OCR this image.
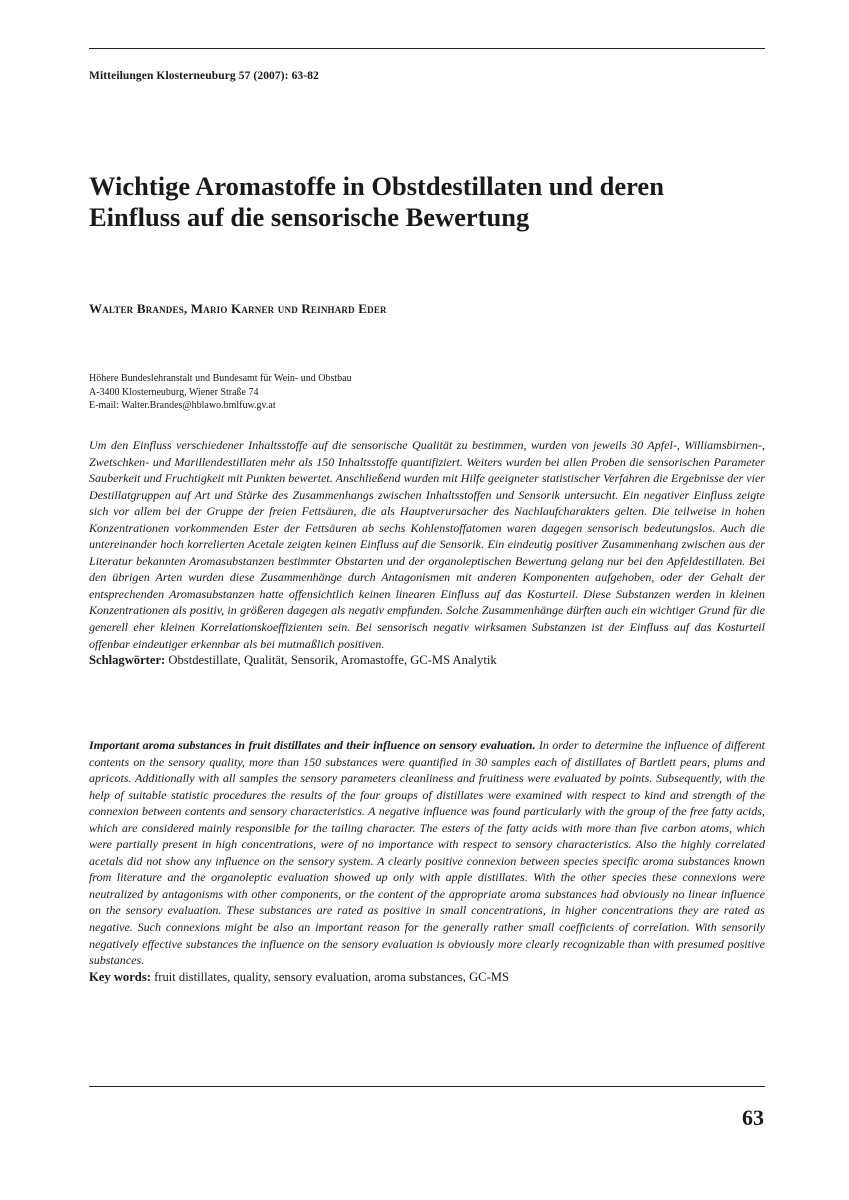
Mitteilungen Klosterneuburg 57 (2007): 63-82
Wichtige Aromastoffe in Obstdestillaten und deren
Einfluss auf die sensorische Bewertung
Walter Brandes, Mario Karner und Reinhard Eder
Höhere Bundeslehranstalt und Bundesamt für Wein- und Obstbau
A-3400 Klosterneuburg, Wiener Straße 74
E-mail: Walter.Brandes@hblawo.bmlfuw.gv.at

Um den Einfluss verschiedener Inhaltsstoffe auf die sensorische Qualität zu bestimmen, wurden von jeweils 30 Apfel-, Williamsbirnen-, Zwetschken- und Marillendestillaten mehr als 150 Inhaltsstoffe quantifiziert. Weiters wurden bei allen Proben die sensorischen Parameter Sauberkeit und Fruchtigkeit mit Punkten bewertet. Anschließend wurden mit Hilfe geeigneter statistischer Verfahren die Ergebnisse der vier Destillatgruppen auf Art und Stärke des Zusammenhangs zwischen Inhaltsstoffen und Sensorik untersucht. Ein negativer Einfluss zeigte sich vor allem bei der Gruppe der freien Fettsäuren, die als Hauptverursacher des Nachlaufcharakters gelten. Die teilweise in hohen Konzentrationen vorkommenden Ester der Fettsäuren ab sechs Kohlenstoffatomen waren dagegen sensorisch bedeutungslos. Auch die untereinander hoch korrelierten Acetale zeigten keinen Einfluss auf die Sensorik. Ein eindeutig positiver Zusammenhang zwischen aus der Literatur bekannten Aromasubstanzen bestimmter Obstarten und der organoleptischen Bewertung gelang nur bei den Apfeldestillaten. Bei den übrigen Arten wurden diese Zusammenhänge durch Antagonismen mit anderen Komponenten aufgehoben, oder der Gehalt der entsprechenden Aromasubstanzen hatte offensichtlich keinen linearen Einfluss auf das Kosturteil. Diese Substanzen werden in kleinen Konzentrationen als positiv, in größeren dagegen als negativ empfunden. Solche Zusammenhänge dürften auch ein wichtiger Grund für die generell eher kleinen Korrelationskoeffizienten sein. Bei sensorisch negativ wirksamen Substanzen ist der Einfluss auf das Kosturteil offenbar eindeutiger erkennbar als bei mutmaßlich positiven.

Schlagwörter: Obstdestillate, Qualität, Sensorik, Aromastoffe, GC-MS Analytik

Important aroma substances in fruit distillates and their influence on sensory evaluation. In order to determine the influence of different contents on the sensory quality, more than 150 substances were quantified in 30 samples each of distillates of Bartlett pears, plums and apricots. Additionally with all samples the sensory parameters cleanliness and fruitiness were evaluated by points. Subsequently, with the help of suitable statistic procedures the results of the four groups of distillates were examined with respect to kind and strength of the connexion between contents and sensory characteristics. A negative influence was found particularly with the group of the free fatty acids, which are considered mainly responsible for the tailing character. The esters of the fatty acids with more than five carbon atoms, which were partially present in high concentrations, were of no importance with respect to sensory characteristics. Also the highly correlated acetals did not show any influence on the sensory system. A clearly positive connexion between species specific aroma substances known from literature and the organoleptic evaluation showed up only with apple distillates. With the other species these connexions were neutralized by antagonisms with other components, or the content of the appropriate aroma substances had obviously no linear influence on the sensory evaluation. These substances are rated as positive in small concentrations, in higher concentrations they are rated as negative. Such connexions might be also an important reason for the generally rather small coefficients of correlation. With sensorily negatively effective substances the influence on the sensory evaluation is obviously more clearly recognizable than with presumed positive substances.

Key words: fruit distillates, quality, sensory evaluation, aroma substances, GC-MS

63
